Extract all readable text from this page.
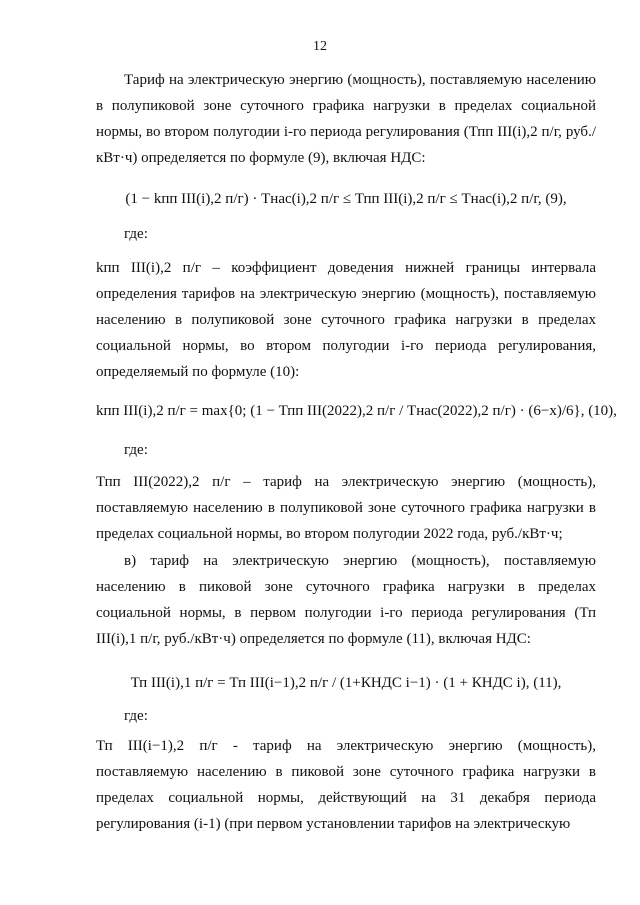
12

Тариф на электрическую энергию (мощность), поставляемую населению в полупиковой зоне суточного графика нагрузки в пределах социальной нормы, во втором полугодии i-го периода регулирования (Тпп III(i),2 п/г, руб./кВт·ч) определяется по формуле (9), включая НДС:

(1 − kпп III(i),2 п/г) · Тнас(i),2 п/г ≤ Тпп III(i),2 п/г ≤ Тнас(i),2 п/г, (9),
где:

kпп III(i),2 п/г – коэффициент доведения нижней границы интервала определения тарифов на электрическую энергию (мощность), поставляемую населению в полупиковой зоне суточного графика нагрузки в пределах социальной нормы, во втором полугодии i-го периода регулирования, определяемый по формуле (10):

kпп III(i),2 п/г = max{0; (1 − Тпп III(2022),2 п/г / Тнас(2022),2 п/г) · (6−x)/6}, (10),
где:

Тпп III(2022),2 п/г – тариф на электрическую энергию (мощность), поставляемую населению в полупиковой зоне суточного графика нагрузки в пределах социальной нормы, во втором полугодии 2022 года, руб./кВт·ч;

в) тариф на электрическую энергию (мощность), поставляемую населению в пиковой зоне суточного графика нагрузки в пределах социальной нормы, в первом полугодии i-го периода регулирования (Тп III(i),1 п/г, руб./кВт·ч) определяется по формуле (11), включая НДС:

Тп III(i),1 п/г = Тп III(i−1),2 п/г / (1+КНДС i−1) · (1 + КНДС i), (11),
где:

Тп III(i−1),2 п/г - тариф на электрическую энергию (мощность), поставляемую населению в пиковой зоне суточного графика нагрузки в пределах социальной нормы, действующий на 31 декабря периода регулирования (i-1) (при первом установлении тарифов на электрическую
